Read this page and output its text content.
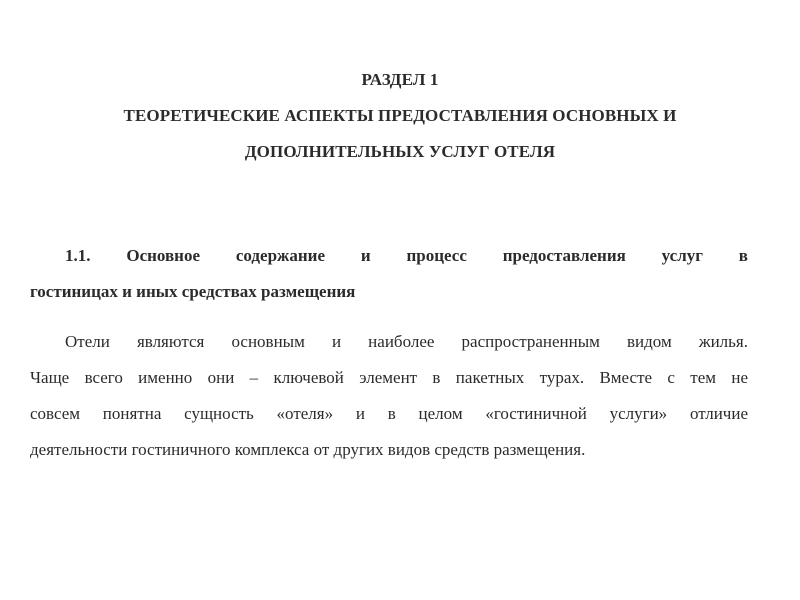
РАЗДЕЛ 1
ТЕОРЕТИЧЕСКИЕ АСПЕКТЫ ПРЕДОСТАВЛЕНИЯ ОСНОВНЫХ И
ДОПОЛНИТЕЛЬНЫХ УСЛУГ ОТЕЛЯ
1.1. Основное содержание и процесс предоставления услуг в
гостиницах и иных средствах размещения
Отели являются основным и наиболее распространенным видом жилья.
Чаще всего именно они – ключевой элемент в пакетных турах. Вместе с тем не
совсем понятна сущность «отеля» и в целом «гостиничной услуги» отличие
деятельности гостиничного комплекса от других видов средств размещения.
